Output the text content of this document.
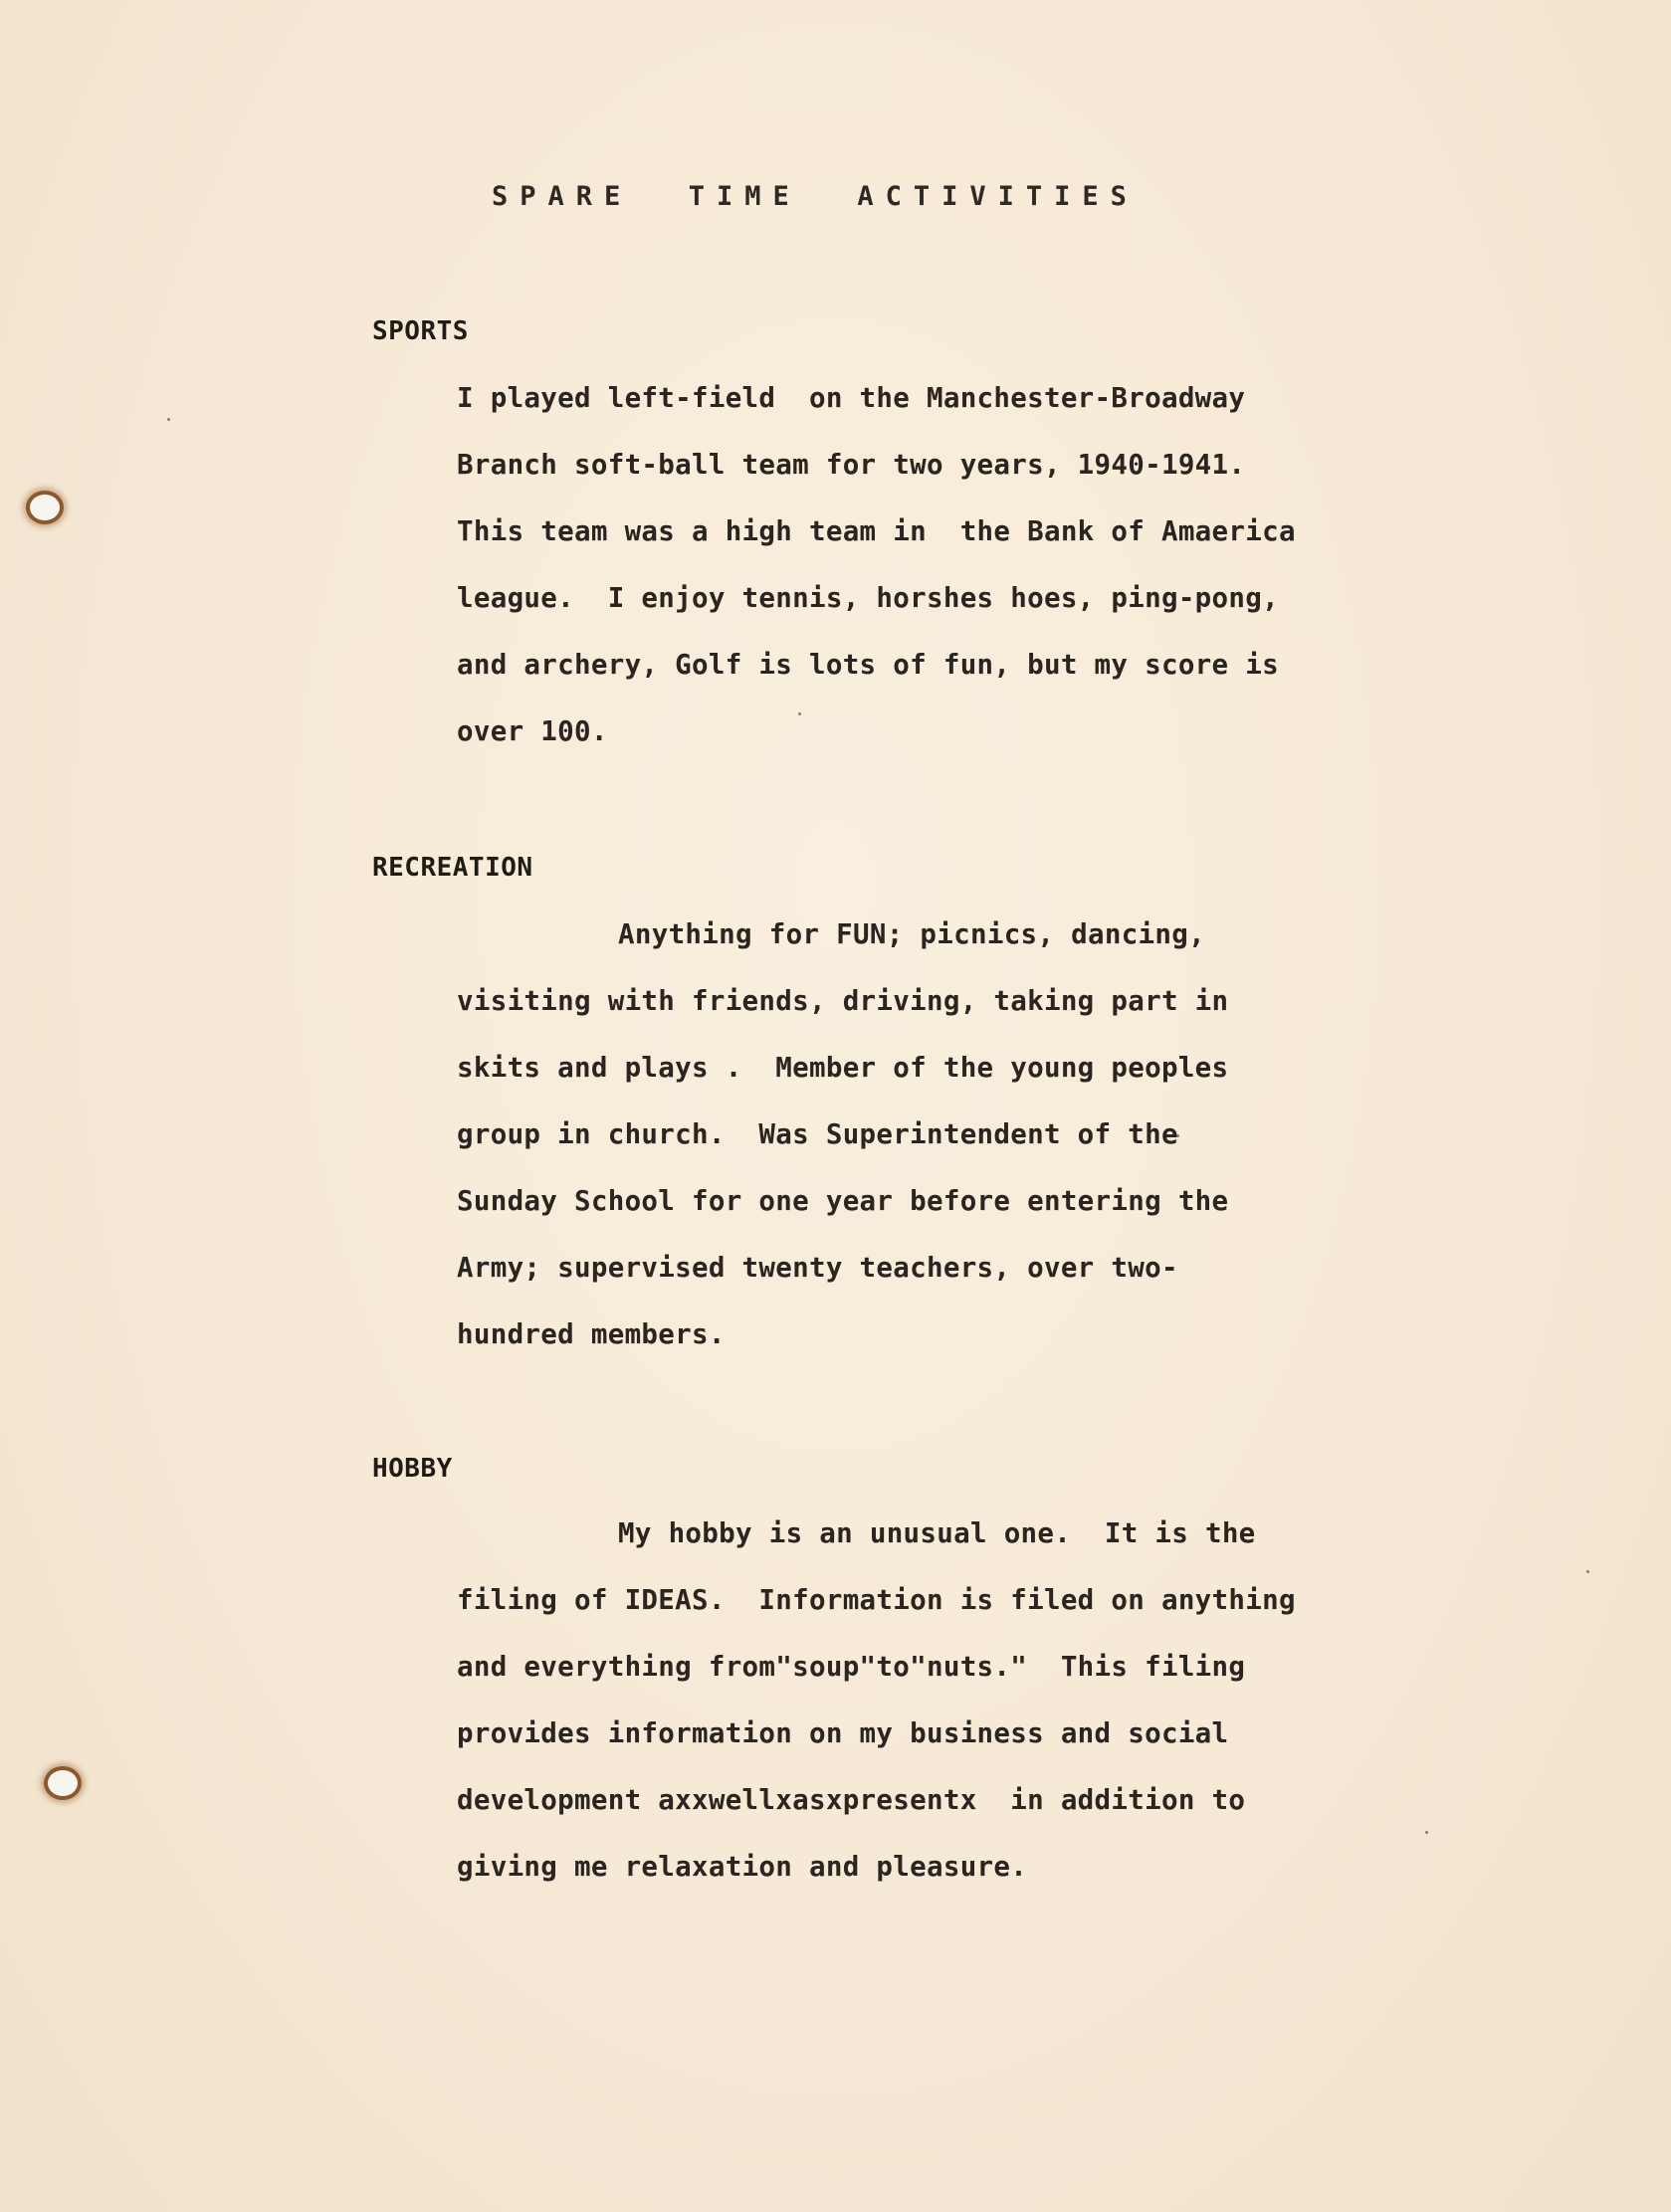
SPARE  TIME  ACTIVITIES
SPORTS
I played left-field  on the Manchester-Broadway
Branch soft-ball team for two years, 1940-1941.
This team was a high team in  the Bank of Amaerica
league.  I enjoy tennis, horshes hoes, ping-pong,
and archery, Golf is lots of fun, but my score is
over 100.
RECREATION
Anything for FUN; picnics, dancing,
visiting with friends, driving, taking part in
skits and plays .  Member of the young peoples
group in church.  Was Superintendent of the
Sunday School for one year before entering the
Army; supervised twenty teachers, over two-
hundred members.
HOBBY
My hobby is an unusual one.  It is the
filing of IDEAS.  Information is filed on anything
and everything from"soup"to"nuts."  This filing
provides information on my business and social
development axxwellxasxpresentx  in addition to
giving me relaxation and pleasure.
